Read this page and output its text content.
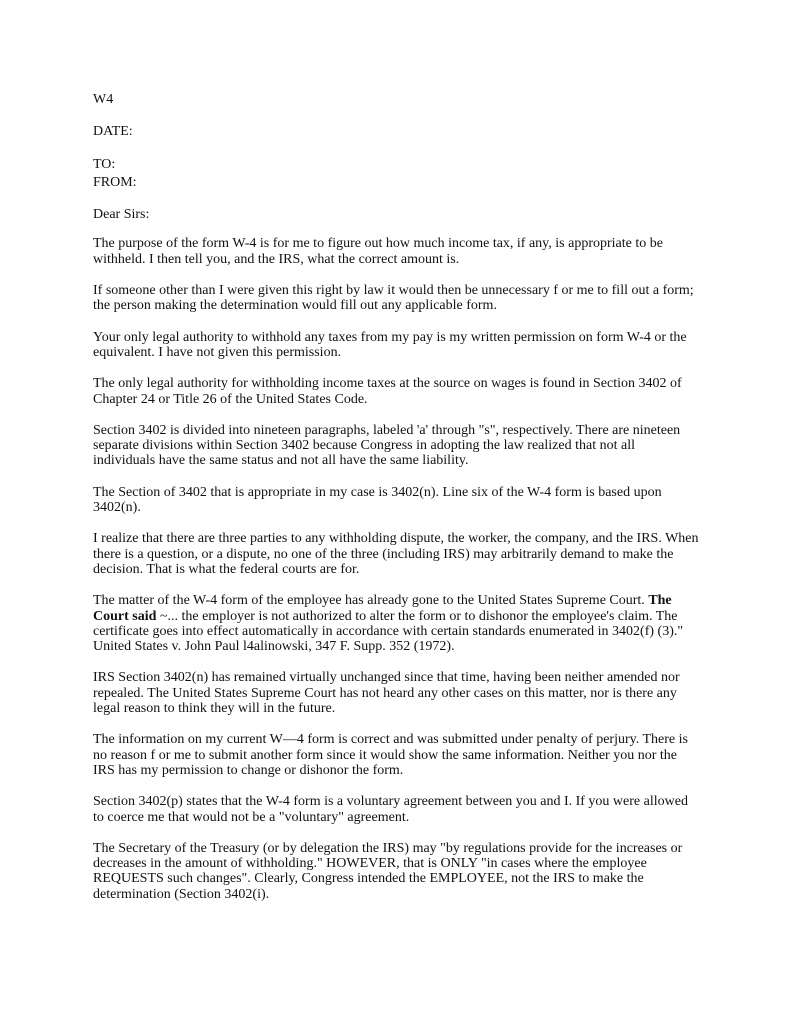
W4
DATE:
TO:
FROM:
Dear Sirs:

The purpose of the form W-4 is for me to figure out how much income tax, if any, is appropriate to be withheld. I then tell you, and the IRS, what the correct amount is.

If someone other than I were given this right by law it would then be unnecessary f or me to fill out a form; the person making the determination would fill out any applicable form.

Your only legal authority to withhold any taxes from my pay is my written permission on form W-4 or the equivalent. I have not given this permission.

The only legal authority for withholding income taxes at the source on wages is found in Section 3402 of Chapter 24 or Title 26 of the United States Code.

Section 3402 is divided into nineteen paragraphs, labeled 'a' through "s", respectively. There are nineteen separate divisions within Section 3402 because Congress in adopting the law realized that not all individuals have the same status and not all have the same liability.

The Section of 3402 that is appropriate in my case is 3402(n). Line six of the W-4 form is based upon 3402(n).

I realize that there are three parties to any withholding dispute, the worker, the company, and the IRS. When there is a question, or a dispute, no one of the three (including IRS) may arbitrarily demand to make the decision. That is what the federal courts are for.

The matter of the W-4 form of the employee has already gone to the United States Supreme Court. The Court said ~... the employer is not authorized to alter the form or to dishonor the employee's claim. The certificate goes into effect automatically in accordance with certain standards enumerated in 3402(f) (3)." United States v. John Paul l4alinowski, 347 F. Supp. 352 (1972).

IRS Section 3402(n) has remained virtually unchanged since that time, having been neither amended nor repealed. The United States Supreme Court has not heard any other cases on this matter, nor is there any legal reason to think they will in the future.

The information on my current W—4 form is correct and was submitted under penalty of perjury. There is no reason f or me to submit another form since it would show the same information. Neither you nor the IRS has my permission to change or dishonor the form.

Section 3402(p) states that the W-4 form is a voluntary agreement between you and I. If you were allowed to coerce me that would not be a "voluntary" agreement.

The Secretary of the Treasury (or by delegation the IRS) may "by regulations provide for the increases or decreases in the amount of withholding." HOWEVER, that is ONLY "in cases where the employee REQUESTS such changes". Clearly, Congress intended the EMPLOYEE, not the IRS to make the determination (Section 3402(i).
